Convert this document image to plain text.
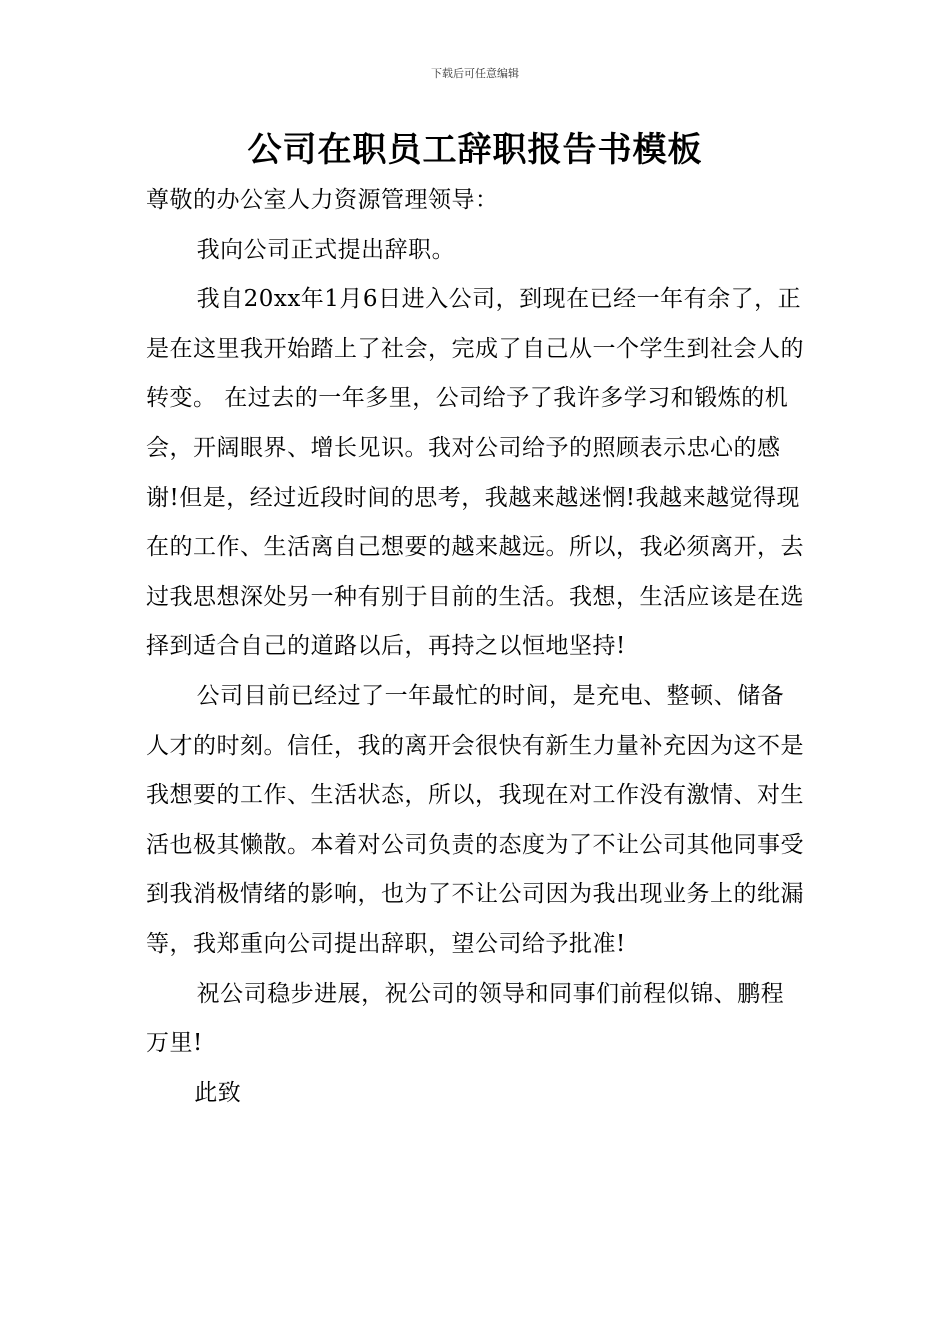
下载后可任意编辑
公司在职员工辞职报告书模板

尊敬的办公室人力资源管理领导：

我向公司正式提出辞职。

我自20xx年1月6日进入公司，到现在已经一年有余了，正是在这里我开始踏上了社会，完成了自己从一个学生到社会人的转变。 在过去的一年多里，公司给予了我许多学习和锻炼的机会，开阔眼界、增长见识。我对公司给予的照顾表示忠心的感谢!但是，经过近段时间的思考，我越来越迷惘!我越来越觉得现在的工作、生活离自己想要的越来越远。所以，我必须离开，去过我思想深处另一种有别于目前的生活。我想，生活应该是在选择到适合自己的道路以后，再持之以恒地坚持!

公司目前已经过了一年最忙的时间，是充电、整顿、储备人才的时刻。信任，我的离开会很快有新生力量补充因为这不是我想要的工作、生活状态，所以，我现在对工作没有激情、对生活也极其懒散。本着对公司负责的态度为了不让公司其他同事受到我消极情绪的影响，也为了不让公司因为我出现业务上的纰漏等，我郑重向公司提出辞职，望公司给予批准!

祝公司稳步进展，祝公司的领导和同事们前程似锦、鹏程万里!

此致
